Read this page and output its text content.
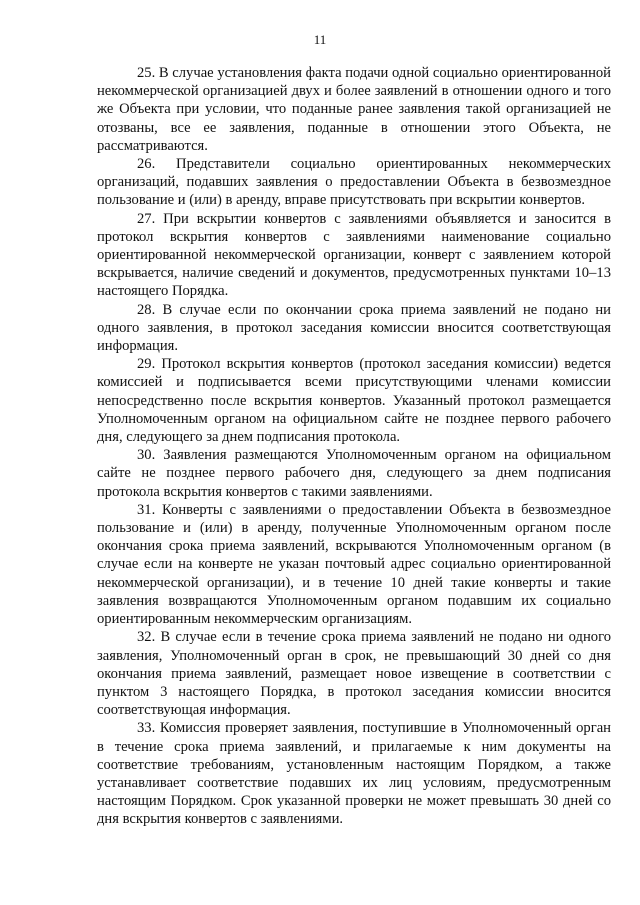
11

25. В случае установления факта подачи одной социально ориентированной некоммерческой организацией двух и более заявлений в отношении одного и того же Объекта при условии, что поданные ранее заявления такой организацией не отозваны, все ее заявления, поданные в отношении этого Объекта, не рассматриваются.

26. Представители социально ориентированных некоммерческих организаций, подавших заявления о предоставлении Объекта в безвозмездное пользование и (или) в аренду, вправе присутствовать при вскрытии конвертов.

27. При вскрытии конвертов с заявлениями объявляется и заносится в протокол вскрытия конвертов с заявлениями наименование социально ориентированной некоммерческой организации, конверт с заявлением которой вскрывается, наличие сведений и документов, предусмотренных пунктами 10–13 настоящего Порядка.

28. В случае если по окончании срока приема заявлений не подано ни одного заявления, в протокол заседания комиссии вносится соответствующая информация.

29. Протокол вскрытия конвертов (протокол заседания комиссии) ведется комиссией и подписывается всеми присутствующими членами комиссии непосредственно после вскрытия конвертов. Указанный протокол размещается Уполномоченным органом на официальном сайте не позднее первого рабочего дня, следующего за днем подписания протокола.

30. Заявления размещаются Уполномоченным органом на официальном сайте не позднее первого рабочего дня, следующего за днем подписания протокола вскрытия конвертов с такими заявлениями.

31. Конверты с заявлениями о предоставлении Объекта в безвозмездное пользование и (или) в аренду, полученные Уполномоченным органом после окончания срока приема заявлений, вскрываются Уполномоченным органом (в случае если на конверте не указан почтовый адрес социально ориентированной некоммерческой организации), и в течение 10 дней такие конверты и такие заявления возвращаются Уполномоченным органом подавшим их социально ориентированным некоммерческим организациям.

32. В случае если в течение срока приема заявлений не подано ни одного заявления, Уполномоченный орган в срок, не превышающий 30 дней со дня окончания приема заявлений, размещает новое извещение в соответствии с пунктом 3 настоящего Порядка, в протокол заседания комиссии вносится соответствующая информация.

33. Комиссия проверяет заявления, поступившие в Уполномоченный орган в течение срока приема заявлений, и прилагаемые к ним документы на соответствие требованиям, установленным настоящим Порядком, а также устанавливает соответствие подавших их лиц условиям, предусмотренным настоящим Порядком. Срок указанной проверки не может превышать 30 дней со дня вскрытия конвертов с заявлениями.
